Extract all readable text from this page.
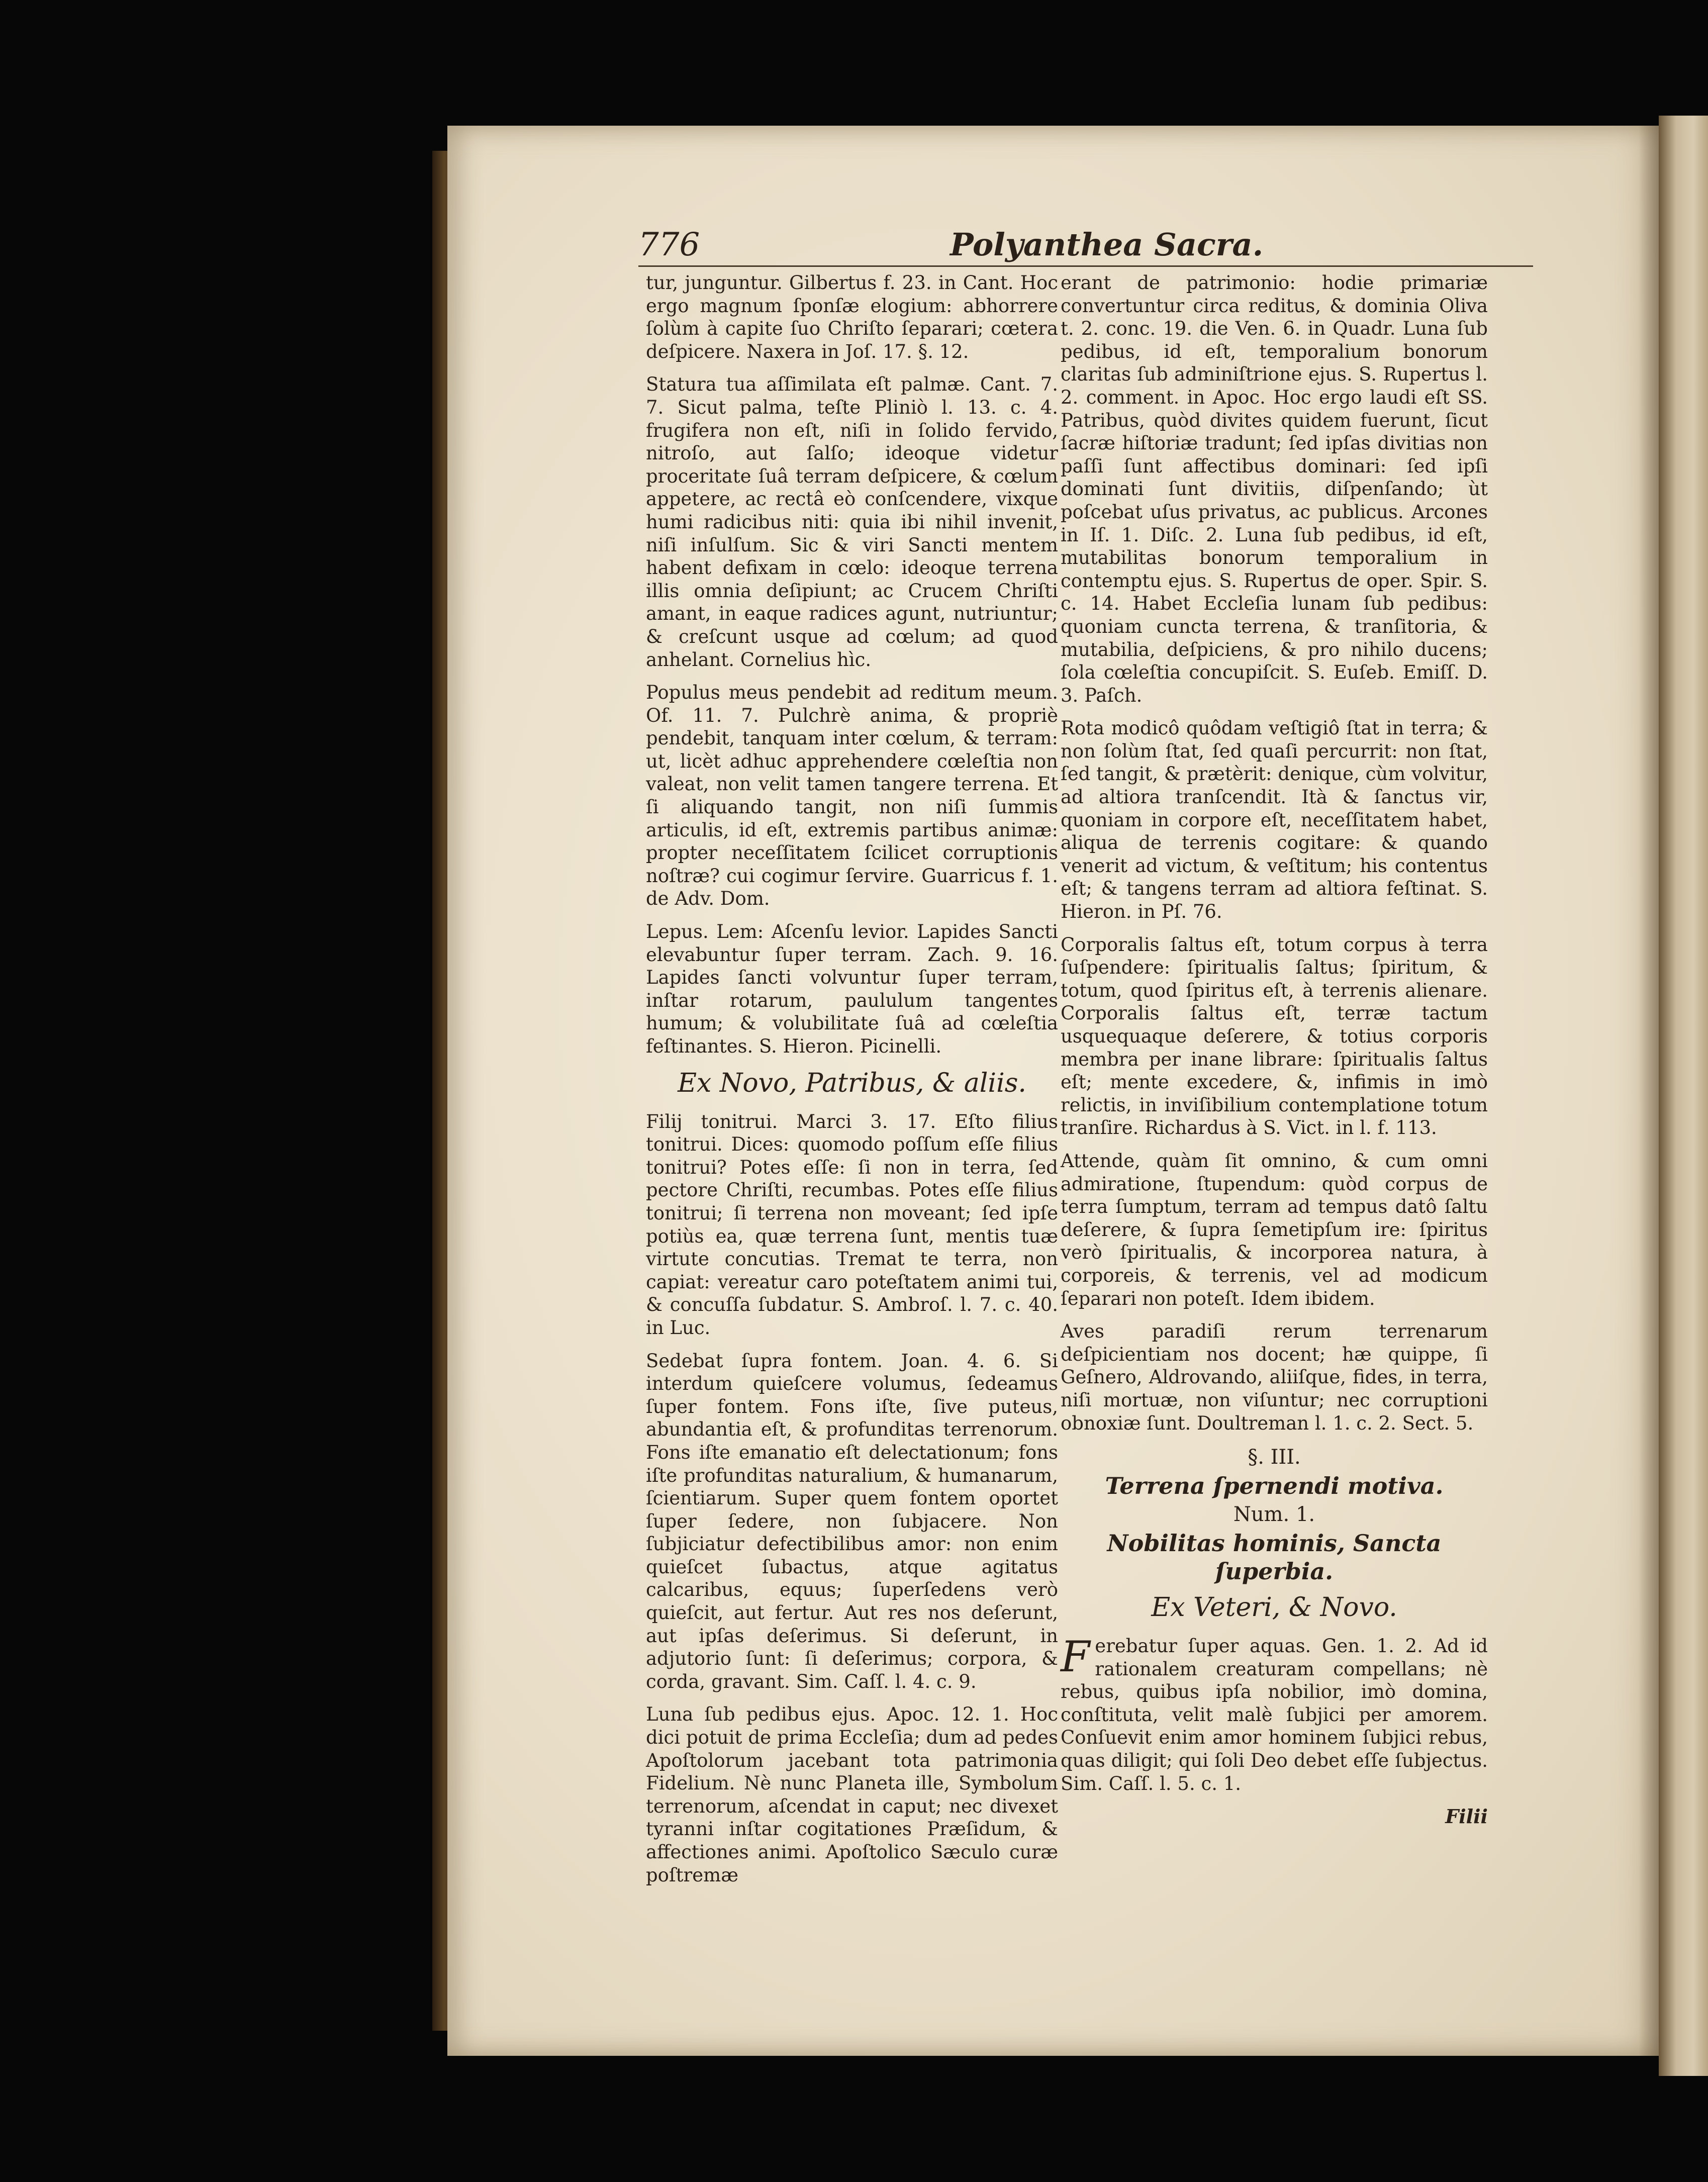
776	Polyanthea Sacra.

tur, junguntur. Gilbertus f. 23. in Cant. Hoc ergo magnum ſponſæ elogium: abhorrere ſolùm à capite ſuo Chriſto ſeparari; cœtera deſpicere. Naxera in Joſ. 17. §. 12.

Statura tua aſſimilata eſt palmæ. Cant. 7. 7. Sicut palma, teſte Pliniò l. 13. c. 4. frugifera non eſt, niſi in ſolido fervido, nitroſo, aut ſalſo; ideoque videtur proceritate ſuâ terram deſpicere, & cœlum appetere, ac rectâ eò conſcendere, vixque humi radicibus niti: quia ibi nihil invenit, niſi inſulſum. Sic & viri Sancti mentem habent defixam in cœlo: ideoque terrena illis omnia deſipiunt; ac Crucem Chriſti amant, in eaque radices agunt, nutriuntur; & creſcunt usque ad cœlum; ad quod anhelant. Cornelius hìc.

Populus meus pendebit ad reditum meum. Of. 11. 7. Pulchrè anima, & propriè pendebit, tanquam inter cœlum, & terram: ut, licèt adhuc apprehendere cœleſtia non valeat, non velit tamen tangere terrena. Et ſi aliquando tangit, non niſi ſummis articulis, id eſt, extremis partibus animæ: propter neceſſitatem ſcilicet corruptionis noſtræ? cui cogimur ſervire. Guarricus f. 1. de Adv. Dom.

Lepus. Lem: Aſcenſu levior. Lapides Sancti elevabuntur ſuper terram. Zach. 9. 16. Lapides ſancti volvuntur ſuper terram, inſtar rotarum, paululum tangentes humum; & volubilitate ſuâ ad cœleſtia feſtinantes. S. Hieron. Picinelli.

Ex Novo, Patribus, & aliis.

Filij tonitrui. Marci 3. 17. Eſto filius tonitrui. Dices: quomodo poſſum eſſe filius tonitrui? Potes eſſe: ſi non in terra, ſed pectore Chriſti, recumbas. Potes eſſe filius tonitrui; ſi terrena non moveant; ſed ipſe potiùs ea, quæ terrena ſunt, mentis tuæ virtute concutias. Tremat te terra, non capiat: vereatur caro poteſtatem animi tui, & concuſſa ſubdatur. S. Ambroſ. l. 7. c. 40. in Luc.

Sedebat ſupra fontem. Joan. 4. 6. Si interdum quieſcere volumus, ſedeamus ſuper fontem. Fons iſte, ſive puteus, abundantia eſt, & profunditas terrenorum. Fons iſte emanatio eſt delectationum; fons iſte profunditas naturalium, & humanarum, ſcientiarum. Super quem fontem oportet ſuper ſedere, non ſubjacere. Non ſubjiciatur defectibilibus amor: non enim quieſcet ſubactus, atque agitatus calcaribus, equus; ſuperſedens verò quieſcit, aut fertur. Aut res nos deſerunt, aut ipſas deſerimus. Si deſerunt, in adjutorio ſunt: ſi deſerimus; corpora, & corda, gravant. Sim. Caſſ. l. 4. c. 9.

Luna ſub pedibus ejus. Apoc. 12. 1. Hoc dici potuit de prima Eccleſia; dum ad pedes Apoſtolorum jacebant tota patrimonia Fidelium. Nè nunc Planeta ille, Symbolum terrenorum, aſcendat in caput; nec divexet tyranni inſtar cogitationes Præſidum, & affectiones animi. Apoſtolico Sæculo curæ poſtremæ

erant de patrimonio: hodie primariæ convertuntur circa reditus, & dominia Oliva t. 2. conc. 19. die Ven. 6. in Quadr. Luna ſub pedibus, id eſt, temporalium bonorum claritas ſub adminiſtrione ejus. S. Rupertus l. 2. comment. in Apoc. Hoc ergo laudi eſt SS. Patribus, quòd divites quidem fuerunt, ſicut ſacræ hiſtoriæ tradunt; ſed ipſas divitias non paſſi ſunt affectibus dominari: ſed ipſi dominati ſunt divitiis, diſpenſando; ùt poſcebat uſus privatus, ac publicus. Arcones in Iſ. 1. Diſc. 2. Luna ſub pedibus, id eſt, mutabilitas bonorum temporalium in contemptu ejus. S. Rupertus de oper. Spir. S. c. 14. Habet Eccleſia lunam ſub pedibus: quoniam cuncta terrena, & tranſitoria, & mutabilia, deſpiciens, & pro nihilo ducens; ſola cœleſtia concupiſcit. S. Euſeb. Emiſſ. D. 3. Paſch.

Rota modicô quôdam veſtigiô ſtat in terra; & non ſolùm ſtat, ſed quaſi percurrit: non ſtat, ſed tangit, & prætèrit: denique, cùm volvitur, ad altiora tranſcendit. Ità & ſanctus vir, quoniam in corpore eſt, neceſſitatem habet, aliqua de terrenis cogitare: & quando venerit ad victum, & veſtitum; his contentus eſt; & tangens terram ad altiora feſtinat. S. Hieron. in Pſ. 76.

Corporalis ſaltus eſt, totum corpus à terra ſuſpendere: ſpiritualis ſaltus; ſpiritum, & totum, quod ſpiritus eſt, à terrenis alienare. Corporalis ſaltus eſt, terræ tactum usquequaque deſerere, & totius corporis membra per inane librare: ſpiritualis ſaltus eſt; mente excedere, &, infimis in imò relictis, in inviſibilium contemplatione totum tranſire. Richardus à S. Vict. in l. f. 113.

Attende, quàm ſit omnino, & cum omni admiratione, ſtupendum: quòd corpus de terra ſumptum, terram ad tempus datô ſaltu deſerere, & ſupra ſemetipſum ire: ſpiritus verò ſpiritualis, & incorporea natura, à corporeis, & terrenis, vel ad modicum ſeparari non poteſt. Idem ibidem.

Aves paradiſi rerum terrenarum deſpicientiam nos docent; hæ quippe, ſi Geſnero, Aldrovando, aliiſque, fides, in terra, niſi mortuæ, non viſuntur; nec corruptioni obnoxiæ ſunt. Doultreman l. 1. c. 2. Sect. 5.

§. III.
Terrena ſpernendi motiva.
Num. 1.
Nobilitas hominis, Sancta ſuperbia.
Ex Veteri, & Novo.

Ferebatur ſuper aquas. Gen. 1. 2. Ad id rationalem creaturam compellans; nè rebus, quibus ipſa nobilior, imò domina, conſtituta, velit malè ſubjici per amorem. Conſuevit enim amor hominem ſubjici rebus, quas diligit; qui ſoli Deo debet eſſe ſubjectus. Sim. Caſſ. l. 5. c. 1.

Filii
